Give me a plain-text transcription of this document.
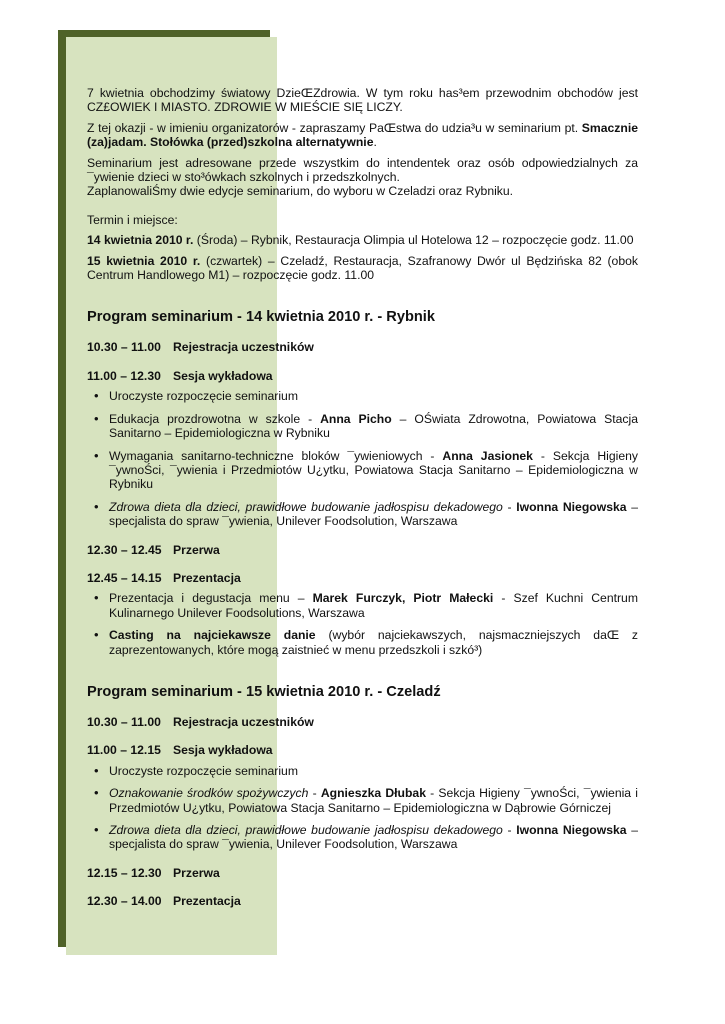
7 kwietnia obchodzimy światowy DzieŒZdrowia. W tym roku has³em przewodnim obchodów jest CZ£OWIEK I MIASTO. ZDROWIE W MIEŚCIE SIĘ LICZY.

Z tej okazji - w imieniu organizatorów - zapraszamy PaŒstwa do udzia³u w seminarium pt. Smacznie (za)jadam. Stołówka (przed)szkolna alternatywnie.

Seminarium jest adresowane przede wszystkim do intendentek oraz osób odpowiedzialnych za ¯ywienie dzieci w sto³ówkach szkolnych i przedszkolnych.

ZaplanowaliŚmy dwie edycje seminarium, do wyboru w Czeladzi oraz Rybniku.

Termin i miejsce:

14 kwietnia 2010 r. (Środa) – Rybnik, Restauracja Olimpia ul Hotelowa 12 – rozpoczęcie godz. 11.00

15 kwietnia 2010 r. (czwartek) – Czeladź, Restauracja, Szafranowy Dwór ul Będzińska 82 (obok Centrum Handlowego M1) – rozpoczęcie godz. 11.00

Program seminarium - 14 kwietnia 2010 r. - Rybnik
10.30 – 11.00 Rejestracja uczestników
11.00 – 12.30 Sesja wykładowa
• Uroczyste rozpoczęcie seminarium
• Edukacja prozdrowotna w szkole - Anna Picho – OŚwiata Zdrowotna, Powiatowa Stacja Sanitarno – Epidemiologiczna w Rybniku
• Wymagania sanitarno-techniczne bloków ¯ywieniowych - Anna Jasionek - Sekcja Higieny ¯ywnoŚci, ¯ywienia i Przedmiotów U¿ytku, Powiatowa Stacja Sanitarno – Epidemiologiczna w Rybniku
• Zdrowa dieta dla dzieci, prawidłowe budowanie jadłospisu dekadowego - Iwonna Niegowska – specjalista do spraw ¯ywienia, Unilever Foodsolution, Warszawa
12.30 – 12.45 Przerwa
12.45 – 14.15 Prezentacja
• Prezentacja i degustacja menu – Marek Furczyk, Piotr Małecki - Szef Kuchni Centrum Kulinarnego Unilever Foodsolutions, Warszawa
• Casting na najciekawsze danie (wybór najciekawszych, najsmaczniejszych daŒ z zaprezentowanych, które mogą zaistnieć w menu przedszkoli i szkó³)
Program seminarium - 15 kwietnia 2010 r. - Czeladź
10.30 – 11.00 Rejestracja uczestników
11.00 – 12.15 Sesja wykładowa
• Uroczyste rozpoczęcie seminarium
• Oznakowanie środków spożywczych - Agnieszka Dłubak - Sekcja Higieny ¯ywnoŚci, ¯ywienia i Przedmiotów U¿ytku, Powiatowa Stacja Sanitarno – Epidemiologiczna w Dąbrowie Górniczej
• Zdrowa dieta dla dzieci, prawidłowe budowanie jadłospisu dekadowego - Iwonna Niegowska – specjalista do spraw ¯ywienia, Unilever Foodsolution, Warszawa
12.15 – 12.30 Przerwa
12.30 – 14.00 Prezentacja
